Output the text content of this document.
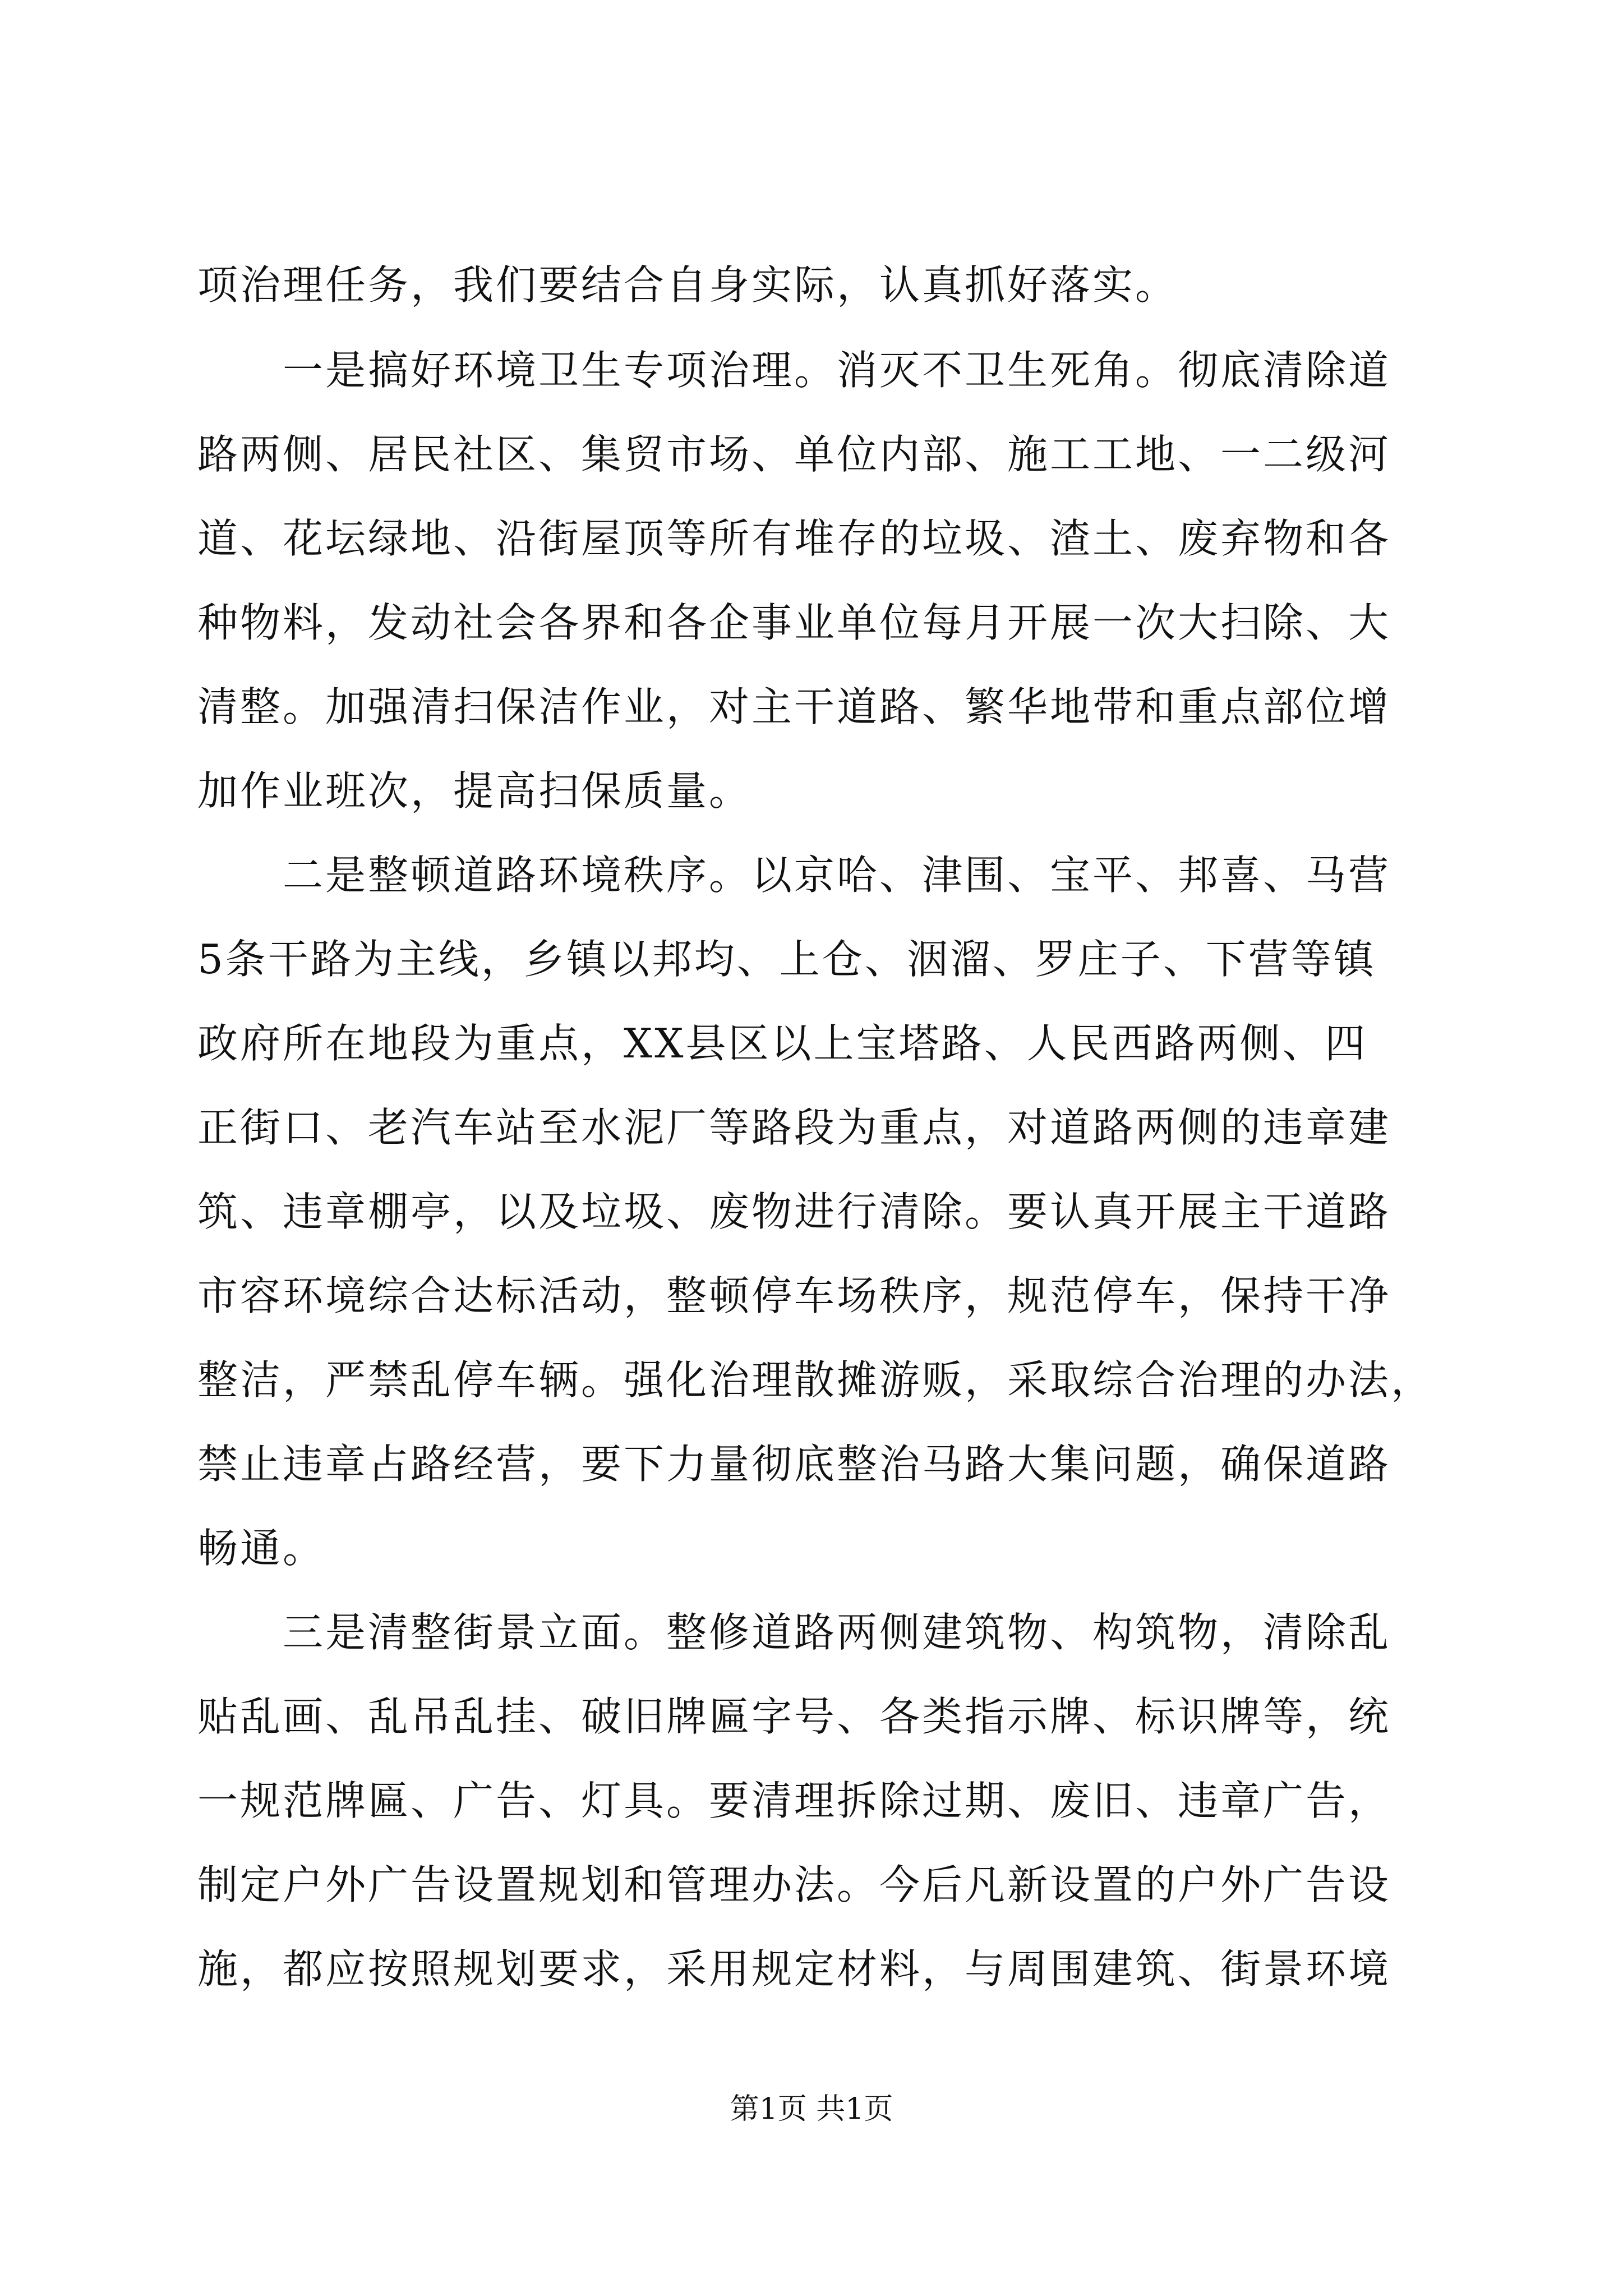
项治理任务，我们要结合自身实际，认真抓好落实。
　　一是搞好环境卫生专项治理。消灭不卫生死角。彻底清除道
路两侧、居民社区、集贸市场、单位内部、施工工地、一二级河
道、花坛绿地、沿街屋顶等所有堆存的垃圾、渣土、废弃物和各
种物料，发动社会各界和各企事业单位每月开展一次大扫除、大
清整。加强清扫保洁作业，对主干道路、繁华地带和重点部位增
加作业班次，提高扫保质量。
　　二是整顿道路环境秩序。以京哈、津围、宝平、邦喜、马营
5条干路为主线，乡镇以邦均、上仓、洇溜、罗庄子、下营等镇
政府所在地段为重点，XX县区以上宝塔路、人民西路两侧、四
正街口、老汽车站至水泥厂等路段为重点，对道路两侧的违章建
筑、违章棚亭，以及垃圾、废物进行清除。要认真开展主干道路
市容环境综合达标活动，整顿停车场秩序，规范停车，保持干净
整洁，严禁乱停车辆。强化治理散摊游贩，采取综合治理的办法，
禁止违章占路经营，要下力量彻底整治马路大集问题，确保道路
畅通。
　　三是清整街景立面。整修道路两侧建筑物、构筑物，清除乱
贴乱画、乱吊乱挂、破旧牌匾字号、各类指示牌、标识牌等，统
一规范牌匾、广告、灯具。要清理拆除过期、废旧、违章广告，
制定户外广告设置规划和管理办法。今后凡新设置的户外广告设
施，都应按照规划要求，采用规定材料，与周围建筑、街景环境
第1页 共1页
